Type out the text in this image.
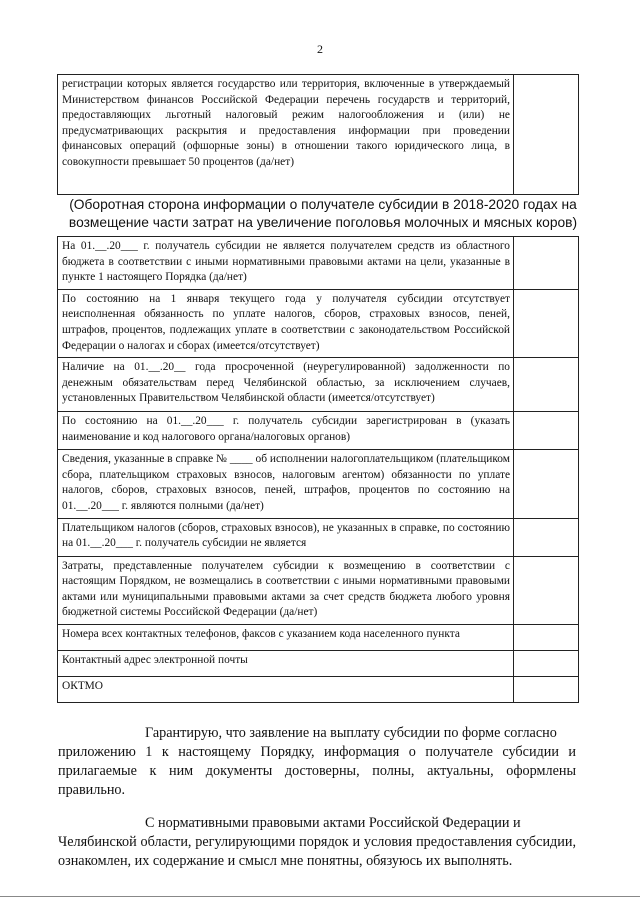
2
регистрации которых является государство или территория, включенные в утверждаемый Министерством финансов Российской Федерации перечень государств и территорий, предоставляющих льготный налоговый режим налогообложения и (или) не предусматривающих раскрытия и предоставления информации при проведении финансовых операций (офшорные зоны) в отношении такого юридического лица, в совокупности превышает 50 процентов (да/нет)	
(Оборотная сторона информации о получателе субсидии в 2018-2020 годах на возмещение части затрат на увеличение поголовья молочных и мясных коров)
На 01.__.20___ г. получатель субсидии не является получателем средств из областного бюджета в соответствии с иными нормативными правовыми актами на цели, указанные в пункте 1 настоящего Порядка (да/нет)	
По состоянию на 1 января текущего года у получателя субсидии отсутствует неисполненная обязанность по уплате налогов, сборов, страховых взносов, пеней, штрафов, процентов, подлежащих уплате в соответствии с законодательством Российской Федерации о налогах и сборах (имеется/отсутствует)	
Наличие на 01.__.20__ года просроченной (неурегулированной) задолженности по денежным обязательствам перед Челябинской областью, за исключением случаев, установленных Правительством Челябинской области (имеется/отсутствует)	
По состоянию на 01.__.20___ г. получатель субсидии зарегистрирован в (указать наименование и код налогового органа/налоговых органов)	
Сведения, указанные в справке № ____ об исполнении налогоплательщиком (плательщиком сбора, плательщиком страховых взносов, налоговым агентом) обязанности по уплате налогов, сборов, страховых взносов, пеней, штрафов, процентов по состоянию на 01.__.20___ г. являются полными (да/нет)	
Плательщиком налогов (сборов, страховых взносов), не указанных в справке, по состоянию на 01.__.20___ г. получатель субсидии не является	
Затраты, представленные получателем субсидии к возмещению в соответствии с настоящим Порядком, не возмещались в соответствии с иными нормативными правовыми актами или муниципальными правовыми актами за счет средств бюджета любого уровня бюджетной системы Российской Федерации (да/нет)	
Номера всех контактных телефонов, факсов с указанием кода населенного пункта	
Контактный адрес электронной почты	
ОКТМО	

Гарантирую, что заявление на выплату субсидии по форме согласно
приложению 1 к настоящему Порядку, информация о получателе субсидии и прилагаемые к ним документы достоверны, полны, актуальны, оформлены правильно.

С нормативными правовыми актами Российской Федерации и
Челябинской области, регулирующими порядок и условия предоставления субсидии, ознакомлен, их содержание и смысл мне понятны, обязуюсь их выполнять.
